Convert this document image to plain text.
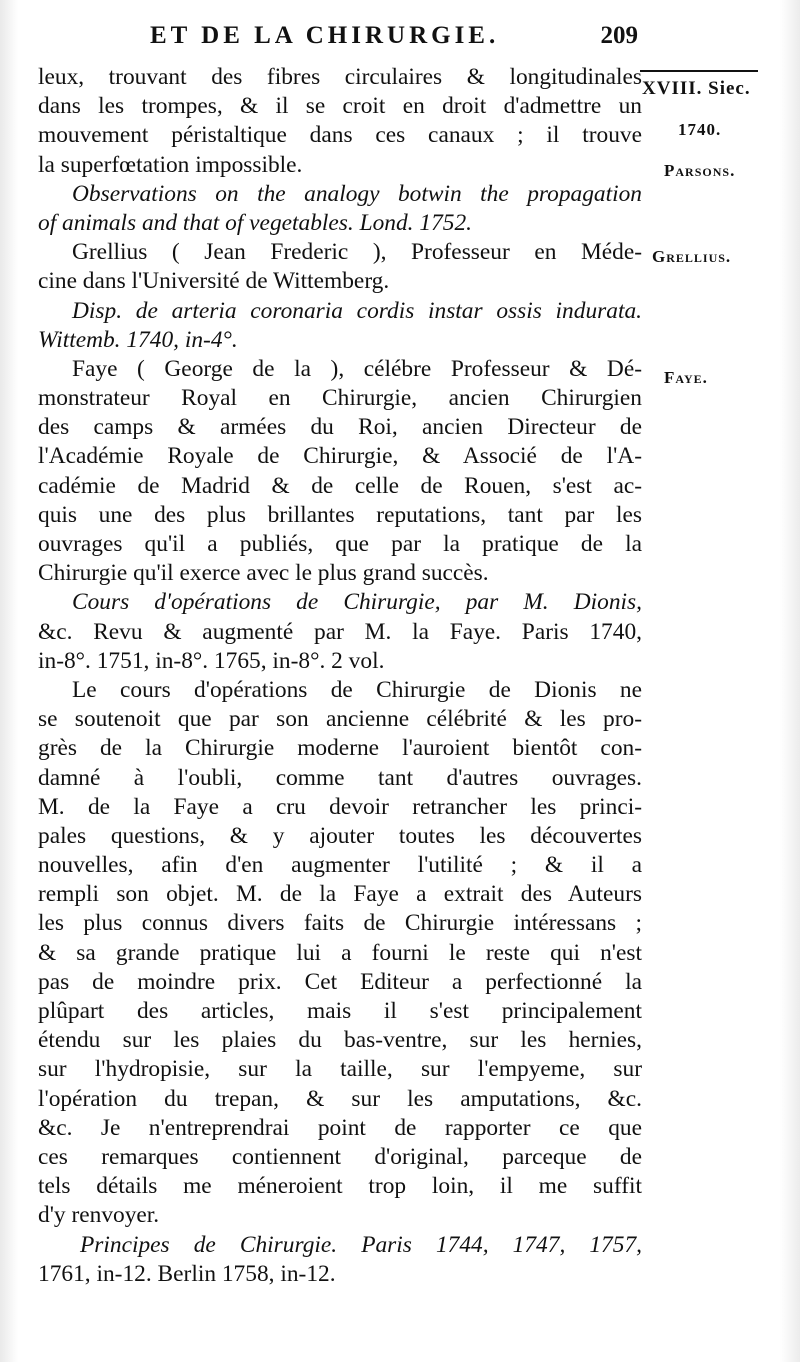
ET DE LA CHIRURGIE.	209
XVIII. Siec.
1740.
Parsons.
Grellius.
Faye.
leux, trouvant des fibres circulaires & longitudinales
dans les trompes, & il se croit en droit d'admettre un
mouvement péristaltique dans ces canaux ; il trouve
la superfœtation impossible.
Observations on the analogy botwin the propagation
of animals and that of vegetables. Lond. 1752.
Grellius ( Jean Frederic ), Professeur en Méde-
cine dans l'Université de Wittemberg.
Disp. de arteria coronaria cordis instar ossis indurata.
Wittemb. 1740, in-4°.
Faye ( George de la ), célébre Professeur & Dé-
monstrateur Royal en Chirurgie, ancien Chirurgien
des camps & armées du Roi, ancien Directeur de
l'Académie Royale de Chirurgie, & Associé de l'A-
cadémie de Madrid & de celle de Rouen, s'est ac-
quis une des plus brillantes reputations, tant par les
ouvrages qu'il a publiés, que par la pratique de la
Chirurgie qu'il exerce avec le plus grand succès.
Cours d'opérations de Chirurgie, par M. Dionis,
&c. Revu & augmenté par M. la Faye. Paris 1740,
in-8°. 1751, in-8°. 1765, in-8°. 2 vol.
Le cours d'opérations de Chirurgie de Dionis ne
se soutenoit que par son ancienne célébrité & les pro-
grès de la Chirurgie moderne l'auroient bientôt con-
damné à l'oubli, comme tant d'autres ouvrages.
M. de la Faye a cru devoir retrancher les princi-
pales questions, & y ajouter toutes les découvertes
nouvelles, afin d'en augmenter l'utilité ; & il a
rempli son objet. M. de la Faye a extrait des Auteurs
les plus connus divers faits de Chirurgie intéressans ;
& sa grande pratique lui a fourni le reste qui n'est
pas de moindre prix. Cet Editeur a perfectionné la
plûpart des articles, mais il s'est principalement
étendu sur les plaies du bas-ventre, sur les hernies,
sur l'hydropisie, sur la taille, sur l'empyeme, sur
l'opération du trepan, & sur les amputations, &c.
&c. Je n'entreprendrai point de rapporter ce que
ces remarques contiennent d'original, parceque de
tels détails me méneroient trop loin, il me suffit
d'y renvoyer.
Principes de Chirurgie. Paris 1744, 1747, 1757,
1761, in-12. Berlin 1758, in-12.
